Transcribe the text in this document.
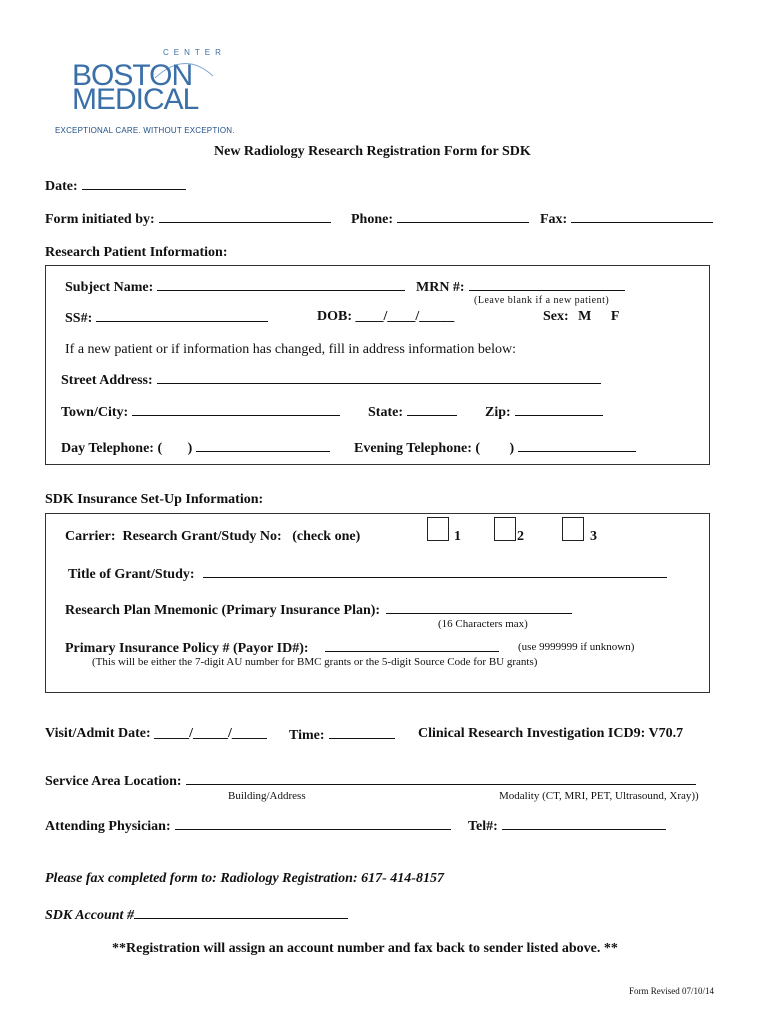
CENTER
BOSTON
MEDICAL
EXCEPTIONAL CARE. WITHOUT EXCEPTION.
New Radiology Research Registration Form for SDK
Date:
Form initiated by:	Phone:	Fax:
Research Patient Information:
Subject Name:	MRN #:
(Leave blank if a new patient)
SS#:	DOB: ____/____/_____	Sex: M F
If a new patient or if information has changed, fill in address information below:
Street Address:
Town/City:	State:	Zip:
Day Telephone: ( )	Evening Telephone: ( )
SDK Insurance Set-Up Information:
Carrier:  Research Grant/Study No:   (check one)	1	2	3
Title of Grant/Study:
Research Plan Mnemonic (Primary Insurance Plan):
(16 Characters max)
Primary Insurance Policy # (Payor ID#):	(use 9999999 if unknown)
(This will be either the 7-digit AU number for BMC grants or the 5-digit Source Code for BU grants)
Visit/Admit Date: _____/_____/_____ Time:	Clinical Research Investigation ICD9: V70.7
Service Area Location:
Building/Address	Modality (CT, MRI, PET, Ultrasound, Xray))
Attending Physician:	Tel#:
Please fax completed form to: Radiology Registration: 617- 414-8157
SDK Account #
**Registration will assign an account number and fax back to sender listed above. **
Form Revised 07/10/14
